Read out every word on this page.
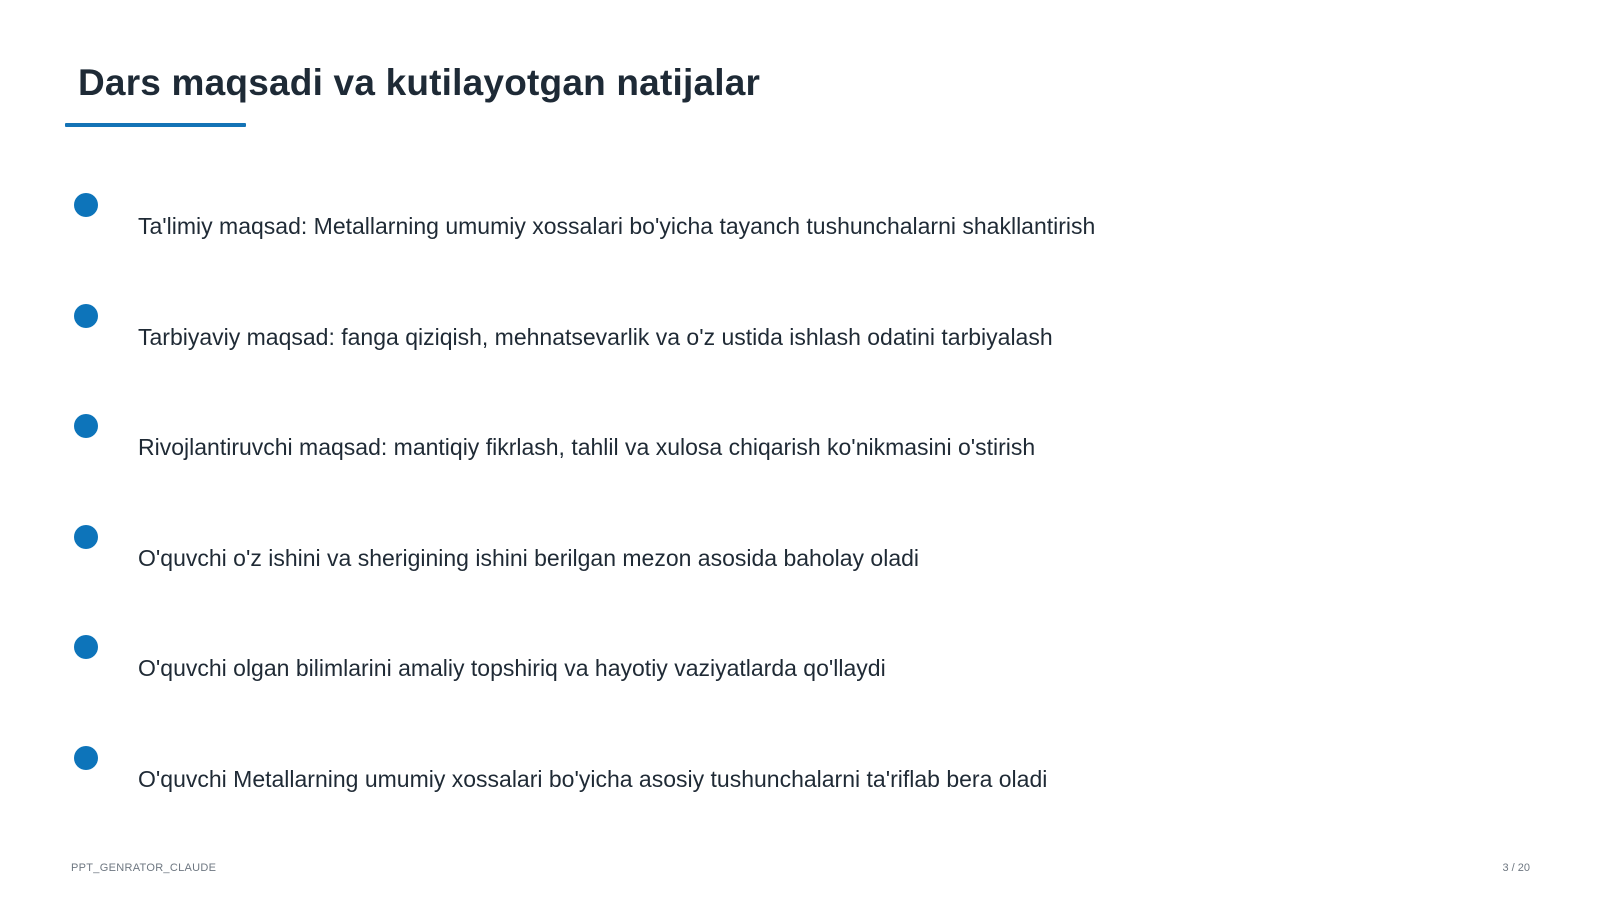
Dars maqsadi va kutilayotgan natijalar
Ta'limiy maqsad: Metallarning umumiy xossalari bo'yicha tayanch tushunchalarni shakllantirish
Tarbiyaviy maqsad: fanga qiziqish, mehnatsevarlik va o'z ustida ishlash odatini tarbiyalash
Rivojlantiruvchi maqsad: mantiqiy fikrlash, tahlil va xulosa chiqarish ko'nikmasini o'stirish
O'quvchi o'z ishini va sherigining ishini berilgan mezon asosida baholay oladi
O'quvchi olgan bilimlarini amaliy topshiriq va hayotiy vaziyatlarda qo'llaydi
O'quvchi Metallarning umumiy xossalari bo'yicha asosiy tushunchalarni ta'riflab bera oladi
PPT_GENRATOR_CLAUDE	3 / 20
